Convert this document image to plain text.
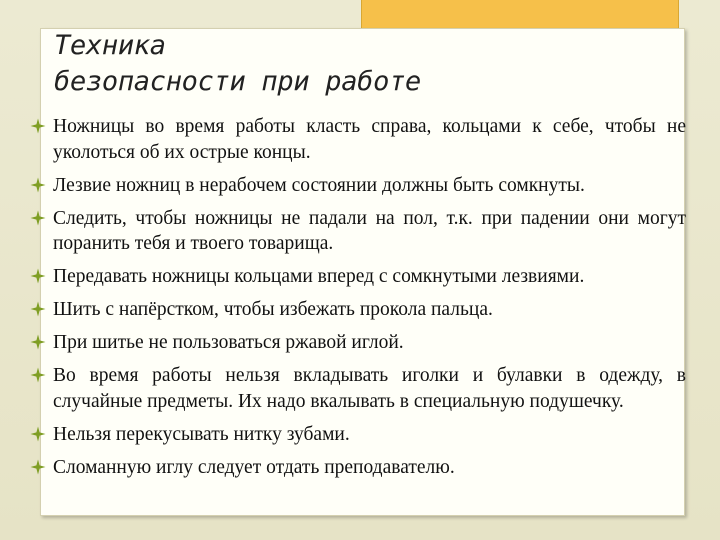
Техника
безопасности при работе
Ножницы во время работы класть справа, кольцами к себе, чтобы не уколоться об их острые концы.
Лезвие ножниц в нерабочем состоянии должны быть сомкнуты.
Следить, чтобы ножницы не падали на пол, т.к. при падении они могут поранить тебя и твоего товарища.
Передавать ножницы кольцами вперед с сомкнутыми лезвиями.
Шить с напёрстком, чтобы избежать прокола пальца.
При шитье не пользоваться ржавой иглой.
Во время работы нельзя вкладывать иголки и булавки в одежду, в случайные предметы. Их надо вкалывать в специальную подушечку.
Нельзя перекусывать нитку зубами.
Сломанную иглу следует отдать преподавателю.
